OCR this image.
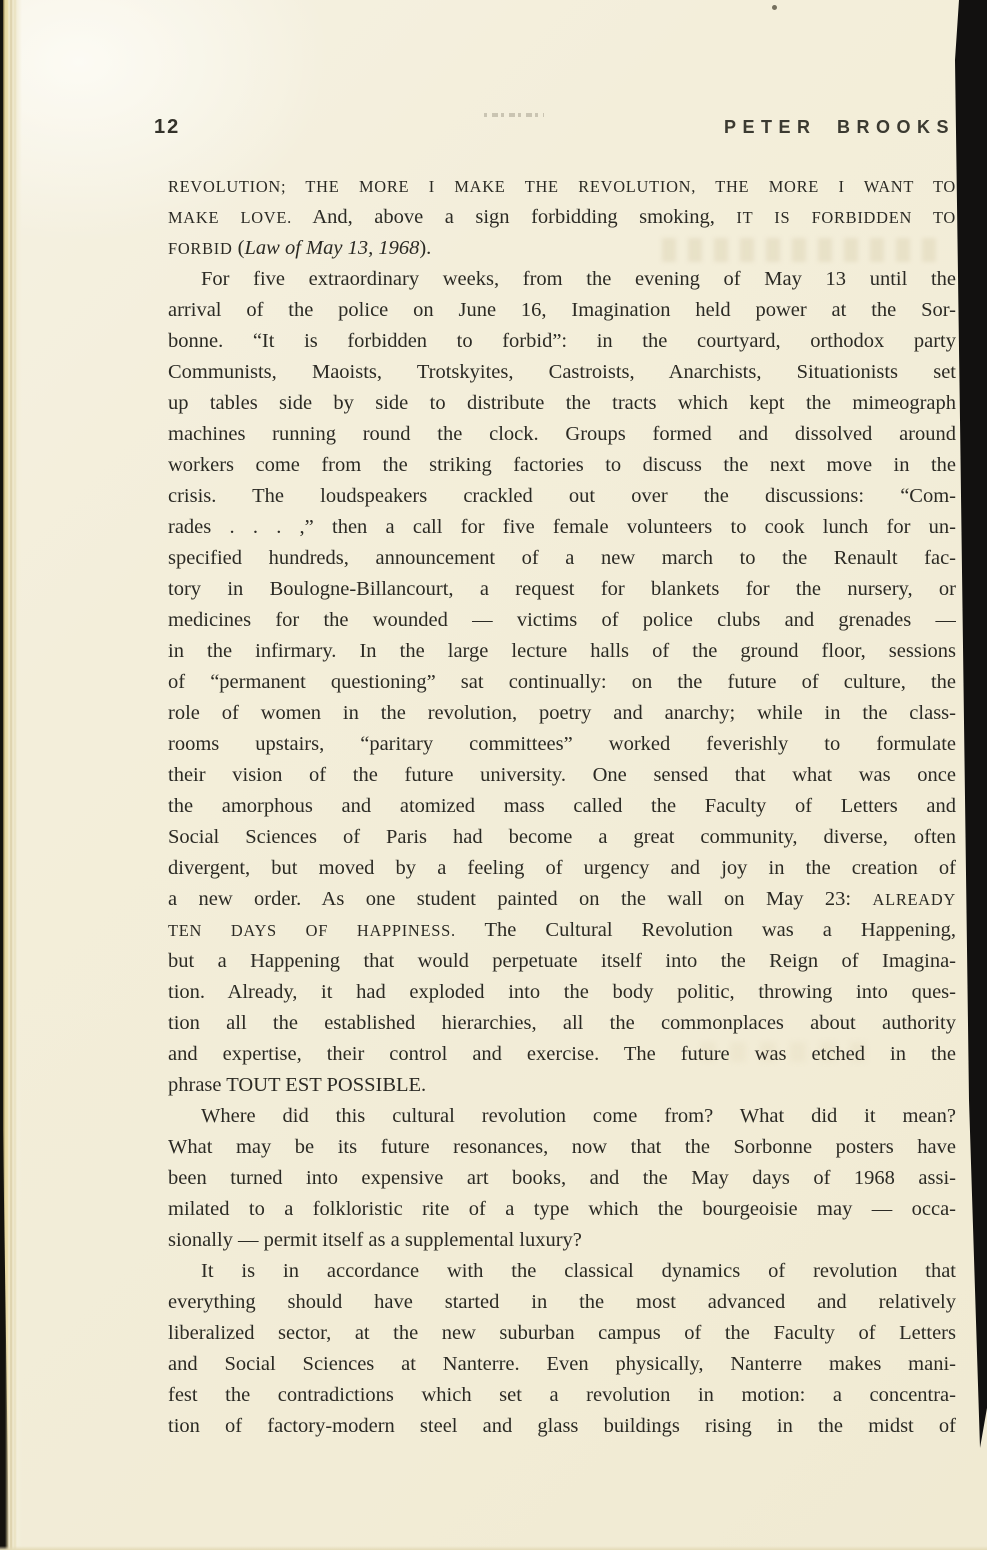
12	PETER BROOKS
REVOLUTION; THE MORE I MAKE THE REVOLUTION, THE MORE I WANT TO
MAKE LOVE. And, above a sign forbidding smoking, IT IS FORBIDDEN TO
FORBID (Law of May 13, 1968).
For five extraordinary weeks, from the evening of May 13 until the
arrival of the police on June 16, Imagination held power at the Sor-
bonne. “It is forbidden to forbid”: in the courtyard, orthodox party
Communists, Maoists, Trotskyites, Castroists, Anarchists, Situationists set
up tables side by side to distribute the tracts which kept the mimeograph
machines running round the clock. Groups formed and dissolved around
workers come from the striking factories to discuss the next move in the
crisis. The loudspeakers crackled out over the discussions: “Com-
rades . . . ,” then a call for five female volunteers to cook lunch for un-
specified hundreds, announcement of a new march to the Renault fac-
tory in Boulogne-Billancourt, a request for blankets for the nursery, or
medicines for the wounded — victims of police clubs and grenades —
in the infirmary. In the large lecture halls of the ground floor, sessions
of “permanent questioning” sat continually: on the future of culture, the
role of women in the revolution, poetry and anarchy; while in the class-
rooms upstairs, “paritary committees” worked feverishly to formulate
their vision of the future university. One sensed that what was once
the amorphous and atomized mass called the Faculty of Letters and
Social Sciences of Paris had become a great community, diverse, often
divergent, but moved by a feeling of urgency and joy in the creation of
a new order. As one student painted on the wall on May 23: ALREADY
TEN DAYS OF HAPPINESS. The Cultural Revolution was a Happening,
but a Happening that would perpetuate itself into the Reign of Imagina-
tion. Already, it had exploded into the body politic, throwing into ques-
tion all the established hierarchies, all the commonplaces about authority
and expertise, their control and exercise. The future was etched in the
phrase TOUT EST POSSIBLE.
Where did this cultural revolution come from? What did it mean?
What may be its future resonances, now that the Sorbonne posters have
been turned into expensive art books, and the May days of 1968 assi-
milated to a folkloristic rite of a type which the bourgeoisie may — occa-
sionally — permit itself as a supplemental luxury?
It is in accordance with the classical dynamics of revolution that
everything should have started in the most advanced and relatively
liberalized sector, at the new suburban campus of the Faculty of Letters
and Social Sciences at Nanterre. Even physically, Nanterre makes mani-
fest the contradictions which set a revolution in motion: a concentra-
tion of factory-modern steel and glass buildings rising in the midst of
